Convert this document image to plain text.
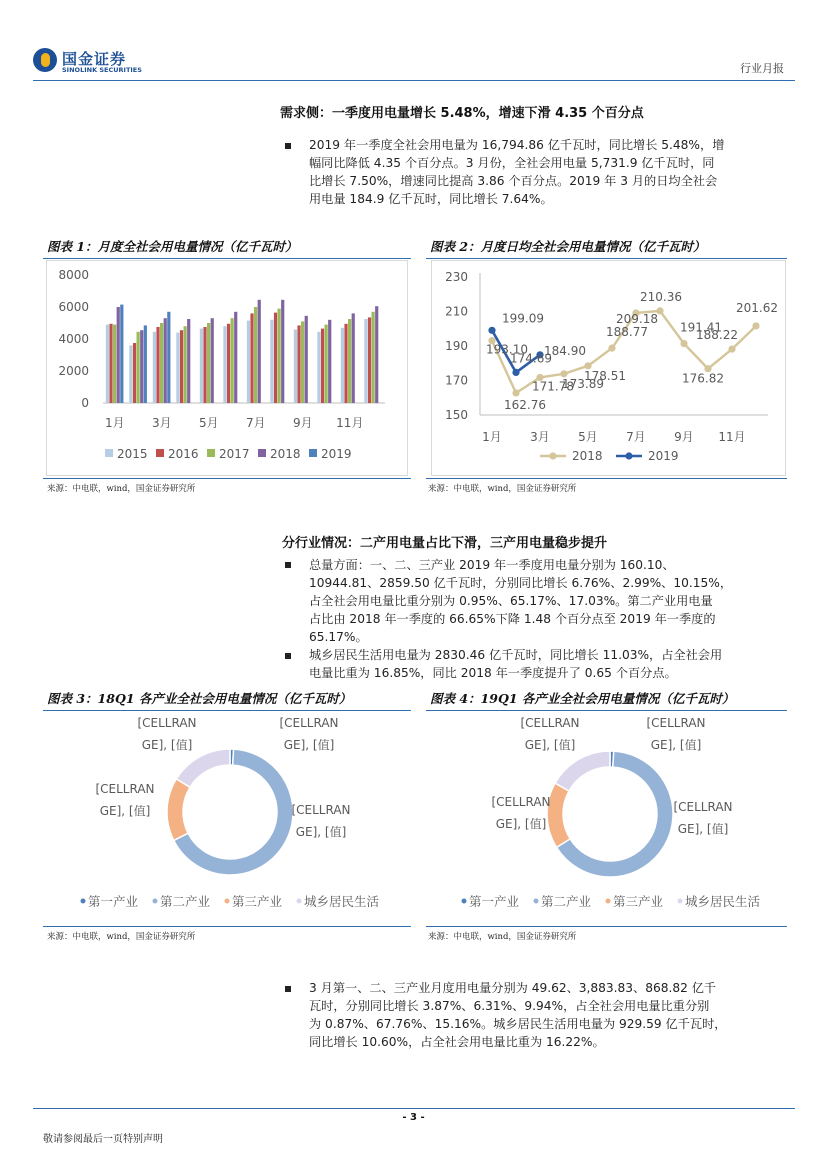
国金证券
SINOLINK SECURITIES	行业月报
需求侧：一季度用电量增长 5.48%，增速下滑 4.35 个百分点
2019 年一季度全社会用电量为 16,794.86 亿千瓦时，同比增长 5.48%，增
幅同比降低 4.35 个百分点。3 月份，全社会用电量 5,731.9 亿千瓦时，同
比增长 7.50%，增速同比提高 3.86 个百分点。2019 年 3 月的日均全社会
用电量 184.9 亿千瓦时，同比增长 7.64%。
图表 1：月度全社会用电量情况（亿千瓦时）
0
2000
4000
6000
8000
1月 3月 5月 7月 9月 11月
2015 2016 2017 2018 2019
来源：中电联，wind，国金证券研究所
图表 2：月度日均全社会用电量情况（亿千瓦时）
150
170
190
210
230
193.10
162.76
171.78
173.89
178.51
188.77
209.18
210.36
191.41
176.82
188.22
201.62
199.09
174.69
184.90
1月 3月 5月 7月 9月 11月
2018	2019
来源：中电联，wind，国金证券研究所
分行业情况：二产用电量占比下滑，三产用电量稳步提升
总量方面：一、二、三产业 2019 年一季度用电量分别为 160.10、
10944.81、2859.50 亿千瓦时，分别同比增长 6.76%、2.99%、10.15%，
占全社会用电量比重分别为 0.95%、65.17%、17.03%。第二产业用电量
占比由 2018 年一季度的 66.65%下降 1.48 个百分点至 2019 年一季度的
65.17%。
城乡居民生活用电量为 2830.46 亿千瓦时，同比增长 11.03%，占全社会用
电量比重为 16.85%，同比 2018 年一季度提升了 0.65 个百分点。
图表 3：18Q1 各产业全社会用电量情况（亿千瓦时）
[CELLRAN
GE], [值]
[CELLRAN
GE], [值]
[CELLRAN
GE], [值]	[CELLRAN
GE], [值]
第一产业 第二产业 第三产业 城乡居民生活
来源：中电联，wind，国金证券研究所
图表 4：19Q1 各产业全社会用电量情况（亿千瓦时）
[CELLRAN
GE], [值]
[CELLRAN
GE], [值]
[CELLRAN
GE], [值]
[CELLRAN
GE], [值]
第一产业 第二产业 第三产业 城乡居民生活
来源：中电联，wind，国金证券研究所
3 月第一、二、三产业月度用电量分别为 49.62、3,883.83、868.82 亿千
瓦时，分别同比增长 3.87%、6.31%、9.94%，占全社会用电量比重分别
为 0.87%、67.76%、15.16%。城乡居民生活用电量为 929.59 亿千瓦时，
同比增长 10.60%，占全社会用电量比重为 16.22%。
- 3 -
敬请参阅最后一页特别声明
